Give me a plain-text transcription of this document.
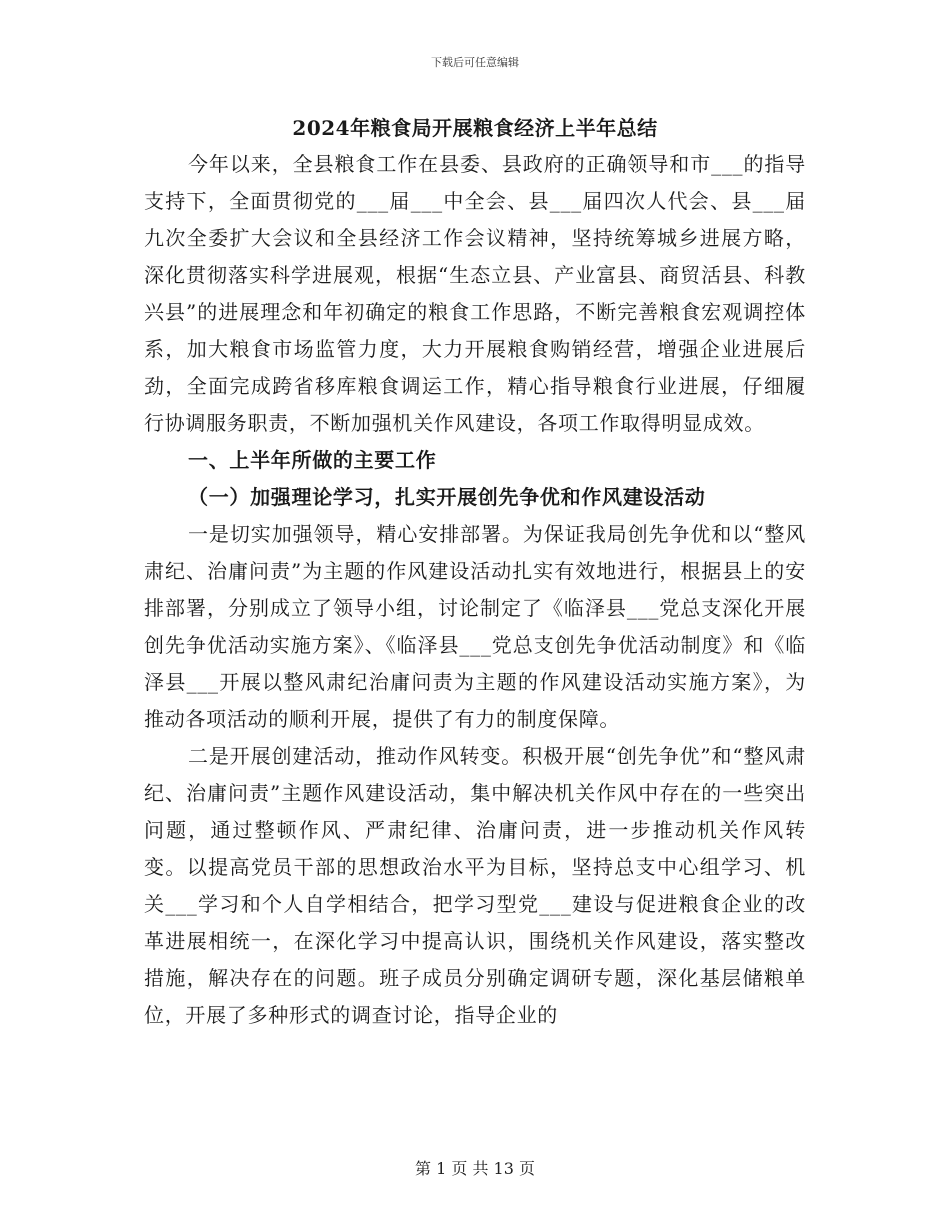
下载后可任意编辑
2024年粮食局开展粮食经济上半年总结

今年以来，全县粮食工作在县委、县政府的正确领导和市___的指导支持下，全面贯彻党的___届___中全会、县___届四次人代会、县___届九次全委扩大会议和全县经济工作会议精神，坚持统筹城乡进展方略，深化贯彻落实科学进展观，根据“生态立县、产业富县、商贸活县、科教兴县”的进展理念和年初确定的粮食工作思路，不断完善粮食宏观调控体系，加大粮食市场监管力度，大力开展粮食购销经营，增强企业进展后劲，全面完成跨省移库粮食调运工作，精心指导粮食行业进展，仔细履行协调服务职责，不断加强机关作风建设，各项工作取得明显成效。

一、上半年所做的主要工作

（一）加强理论学习，扎实开展创先争优和作风建设活动

一是切实加强领导，精心安排部署。为保证我局创先争优和以“整风肃纪、治庸问责”为主题的作风建设活动扎实有效地进行，根据县上的安排部署，分别成立了领导小组，讨论制定了《临泽县___党总支深化开展创先争优活动实施方案》、《临泽县___党总支创先争优活动制度》和《临泽县___开展以整风肃纪治庸问责为主题的作风建设活动实施方案》，为推动各项活动的顺利开展，提供了有力的制度保障。

二是开展创建活动，推动作风转变。积极开展“创先争优”和“整风肃纪、治庸问责”主题作风建设活动，集中解决机关作风中存在的一些突出问题，通过整顿作风、严肃纪律、治庸问责，进一步推动机关作风转变。以提高党员干部的思想政治水平为目标，坚持总支中心组学习、机关___学习和个人自学相结合，把学习型党___建设与促进粮食企业的改革进展相统一，在深化学习中提高认识，围绕机关作风建设，落实整改措施，解决存在的问题。班子成员分别确定调研专题，深化基层储粮单位，开展了多种形式的调查讨论，指导企业的

第 1 页 共 13 页
